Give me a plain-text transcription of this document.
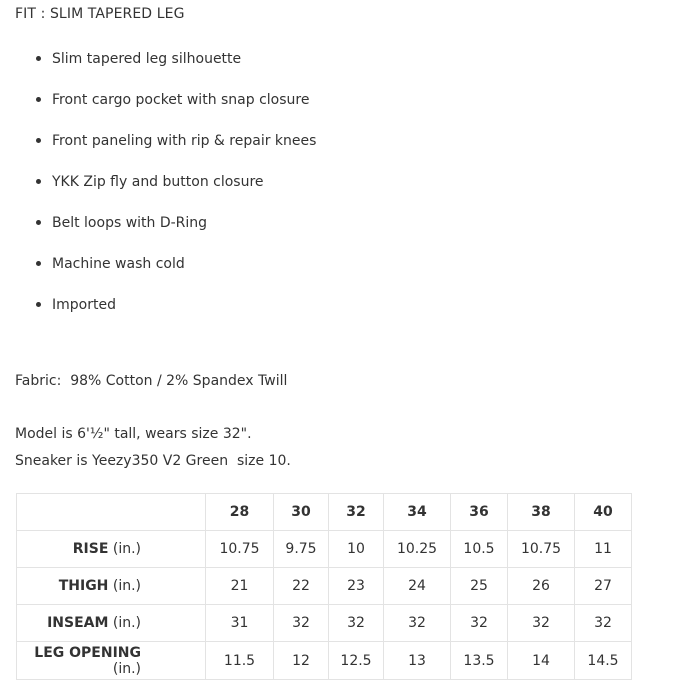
FIT : SLIM TAPERED LEG
Slim tapered leg silhouette
Front cargo pocket with snap closure
Front paneling with rip & repair knees
YKK Zip fly and button closure
Belt loops with D-Ring
Machine wash cold
Imported
Fabric:  98% Cotton / 2% Spandex Twill
Model is 6'½" tall, wears size 32".
Sneaker is Yeezy350 V2 Green  size 10.
	28	30	32	34	36	38	40
RISE (in.)	10.75	9.75	10	10.25	10.5	10.75	11
THIGH (in.)	21	22	23	24	25	26	27
INSEAM (in.)	31	32	32	32	32	32	32
LEG OPENING (in.)	11.5	12	12.5	13	13.5	14	14.5
